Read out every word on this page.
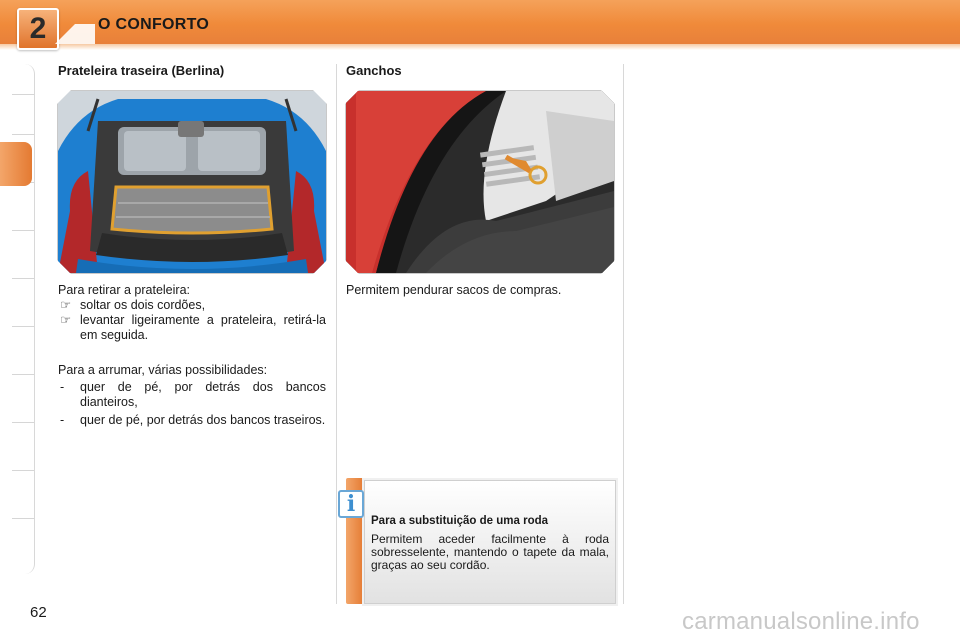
2	O CONFORTO
Prateleira traseira (Berlina)
Para retirar a prateleira:
☞ soltar os dois cordões,
☞ levantar ligeiramente a prateleira, retirá-la em seguida.
Para a arrumar, várias possibilidades:
- quer de pé, por detrás dos bancos dianteiros,
- quer de pé, por detrás dos bancos traseiros.
Ganchos
Permitem pendurar sacos de compras.
Para a substituição de uma roda
Permitem aceder facilmente à roda sobresselente, mantendo o tapete da mala, graças ao seu cordão.
i
62	carmanualsonline.info
